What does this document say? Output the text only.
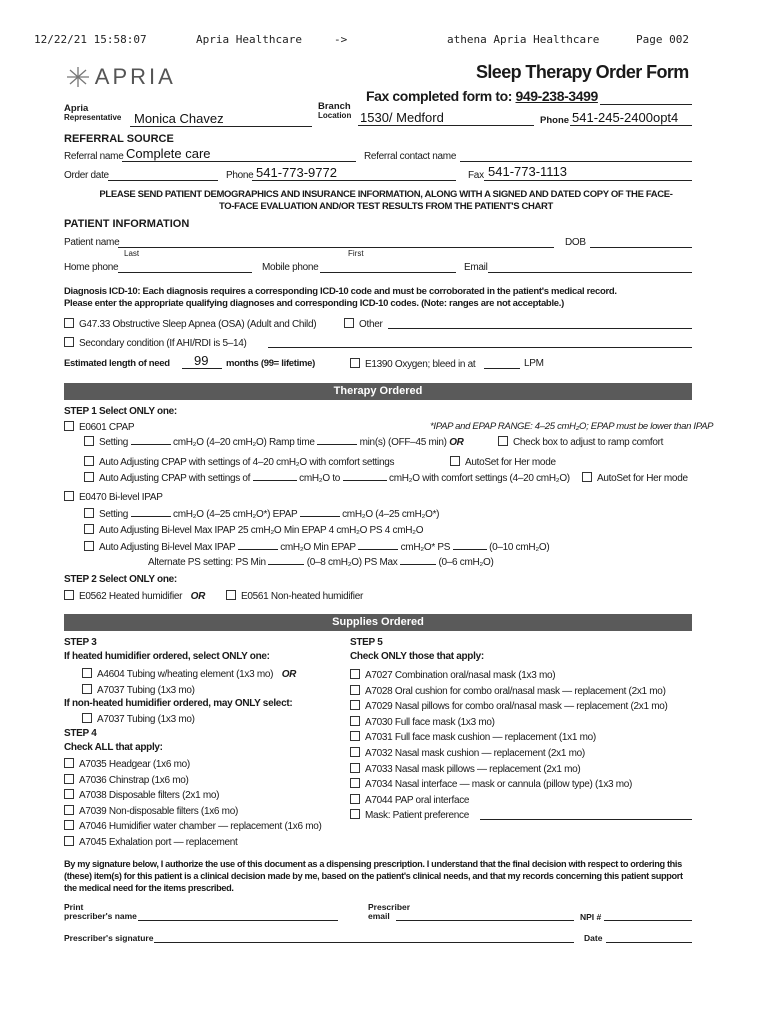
12/22/21 15:58:07	Apria Healthcare	->	athena Apria Healthcare	Page 002
APRIA	Sleep Therapy Order Form
Fax completed form to: 949-238-3499
Apria
Representative Monica Chavez
Branch
Location 1530/ Medford	Phone 541-245-2400opt4
REFERRAL SOURCE
Referral name Complete care	Referral contact name
Order date	Phone 541-773-9772	Fax 541-773-1113
PLEASE SEND PATIENT DEMOGRAPHICS AND INSURANCE INFORMATION, ALONG WITH A SIGNED AND DATED COPY OF THE FACE-TO-FACE EVALUATION AND/OR TEST RESULTS FROM THE PATIENT'S CHART
PATIENT INFORMATION
Patient name
Last	First
DOB
Home phone	Mobile phone	Email
Diagnosis ICD-10: Each diagnosis requires a corresponding ICD-10 code and must be corroborated in the patient's medical record.
Please enter the appropriate qualifying diagnoses and corresponding ICD-10 codes. (Note: ranges are not acceptable.)
G47.33 Obstructive Sleep Apnea (OSA) (Adult and Child)	Other
Secondary condition (If AHI/RDI is 5–14)
Estimated length of need 99 months (99= lifetime)	E1390 Oxygen; bleed in at	LPM
Therapy Ordered
STEP 1 Select ONLY one:
E0601 CPAP	*IPAP and EPAP RANGE: 4–25 cmH₂O; EPAP must be lower than IPAP
Setting	cmH₂O (4–20 cmH₂O) Ramp time	min(s) (OFF–45 min) OR	Check box to adjust to ramp comfort
Auto Adjusting CPAP with settings of 4–20 cmH₂O with comfort settings	AutoSet for Her mode
Auto Adjusting CPAP with settings of	cmH₂O to	cmH₂O with comfort settings (4–20 cmH₂O)	AutoSet for Her mode
E0470 Bi-level IPAP
Setting	cmH₂O (4–25 cmH₂O*) EPAP	cmH₂O (4–25 cmH₂O*)
Auto Adjusting Bi-level Max IPAP 25 cmH₂O Min EPAP 4 cmH₂O PS 4 cmH₂O
Auto Adjusting Bi-level Max IPAP	cmH₂O Min EPAP	cmH₂O* PS	(0–10 cmH₂O)
Alternate PS setting: PS Min	(0–8 cmH₂O) PS Max	(0–6 cmH₂O)
STEP 2 Select ONLY one:
E0562 Heated humidifier OR	E0561 Non-heated humidifier
Supplies Ordered
STEP 3
If heated humidifier ordered, select ONLY one:
A4604 Tubing w/heating element (1x3 mo) OR
A7037 Tubing (1x3 mo)
If non-heated humidifier ordered, may ONLY select:
A7037 Tubing (1x3 mo)
STEP 4
Check ALL that apply:
A7035 Headgear (1x6 mo)
A7036 Chinstrap (1x6 mo)
A7038 Disposable filters (2x1 mo)
A7039 Non-disposable filters (1x6 mo)
A7046 Humidifier water chamber — replacement (1x6 mo)
A7045 Exhalation port — replacement
STEP 5
Check ONLY those that apply:
A7027 Combination oral/nasal mask (1x3 mo)
A7028 Oral cushion for combo oral/nasal mask — replacement (2x1 mo)
A7029 Nasal pillows for combo oral/nasal mask — replacement (2x1 mo)
A7030 Full face mask (1x3 mo)
A7031 Full face mask cushion — replacement (1x1 mo)
A7032 Nasal mask cushion — replacement (2x1 mo)
A7033 Nasal mask pillows — replacement (2x1 mo)
A7034 Nasal interface — mask or cannula (pillow type) (1x3 mo)
A7044 PAP oral interface
Mask: Patient preference
By my signature below, I authorize the use of this document as a dispensing prescription. I understand that the final decision with respect to ordering this (these) item(s) for this patient is a clinical decision made by me, based on the patient's clinical needs, and that my records concerning this patient support the medical need for the items prescribed.
Print
prescriber's name
Prescriber
email	NPI #
Prescriber's signature	Date
